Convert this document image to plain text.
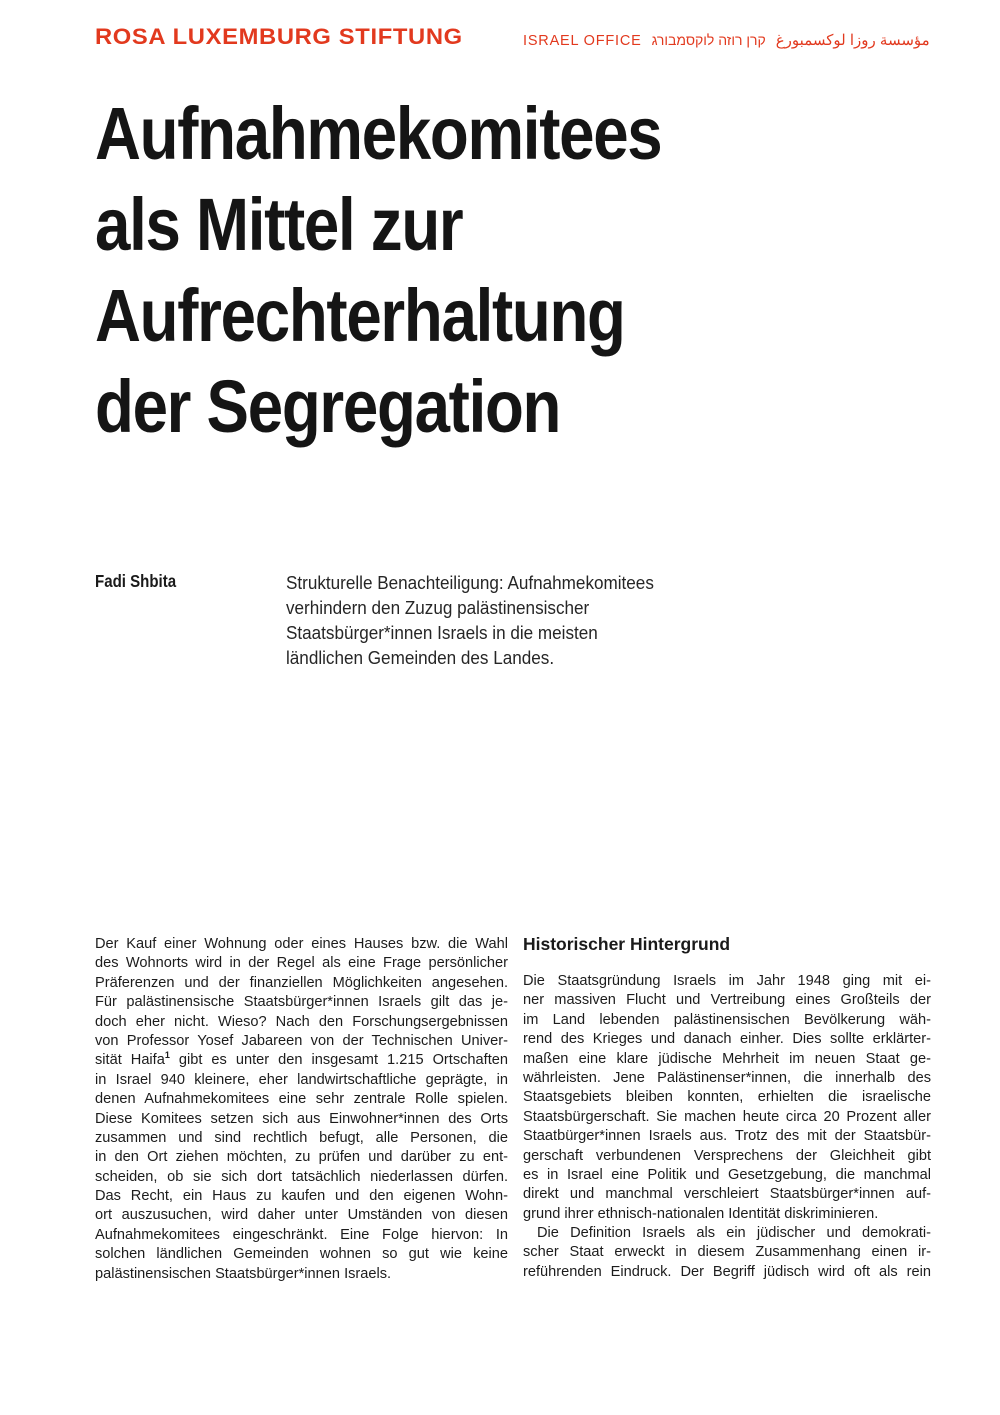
ROSA LUXEMBURG STIFTUNG	ISRAEL OFFICE קרן רוזה לוקסמבורג مؤسسة روزا لوكسمبورغ
Aufnahmekomitees
als Mittel zur
Aufrechterhaltung
der Segregation
Fadi Shbita	Strukturelle Benachteiligung: Aufnahmekomitees
verhindern den Zuzug palästinensischer
Staatsbürger*innen Israels in die meisten
ländlichen Gemeinden des Landes.
Der Kauf einer Wohnung oder eines Hauses bzw. die Wahl
des Wohnorts wird in der Regel als eine Frage persönlicher
Präferenzen und der finanziellen Möglichkeiten angesehen.
Für palästinensische Staatsbürger*innen Israels gilt das je-
doch eher nicht. Wieso? Nach den Forschungsergebnissen
von Professor Yosef Jabareen von der Technischen Univer-
sität Haifa$^1$ gibt es unter den insgesamt 1.215 Ortschaften
in Israel 940 kleinere, eher landwirtschaftliche geprägte, in
denen Aufnahmekomitees eine sehr zentrale Rolle spielen.
Diese Komitees setzen sich aus Einwohner*innen des Orts
zusammen und sind rechtlich befugt, alle Personen, die
in den Ort ziehen möchten, zu prüfen und darüber zu ent-
scheiden, ob sie sich dort tatsächlich niederlassen dürfen.
Das Recht, ein Haus zu kaufen und den eigenen Wohn-
ort auszusuchen, wird daher unter Umständen von diesen
Aufnahmekomitees eingeschränkt. Eine Folge hiervon: In
solchen ländlichen Gemeinden wohnen so gut wie keine
palästinensischen Staatsbürger*innen Israels.
Historischer Hintergrund
Die Staatsgründung Israels im Jahr 1948 ging mit ei-
ner massiven Flucht und Vertreibung eines Großteils der
im Land lebenden palästinensischen Bevölkerung wäh-
rend des Krieges und danach einher. Dies sollte erklärter-
maßen eine klare jüdische Mehrheit im neuen Staat ge-
währleisten. Jene Palästinenser*innen, die innerhalb des
Staatsgebiets bleiben konnten, erhielten die israelische
Staatsbürgerschaft. Sie machen heute circa 20 Prozent aller
Staatbürger*innen Israels aus. Trotz des mit der Staatsbür-
gerschaft verbundenen Versprechens der Gleichheit gibt
es in Israel eine Politik und Gesetzgebung, die manchmal
direkt und manchmal verschleiert Staatsbürger*innen auf-
grund ihrer ethnisch-nationalen Identität diskriminieren.
Die Definition Israels als ein jüdischer und demokrati-
scher Staat erweckt in diesem Zusammenhang einen ir-
reführenden Eindruck. Der Begriff jüdisch wird oft als rein
